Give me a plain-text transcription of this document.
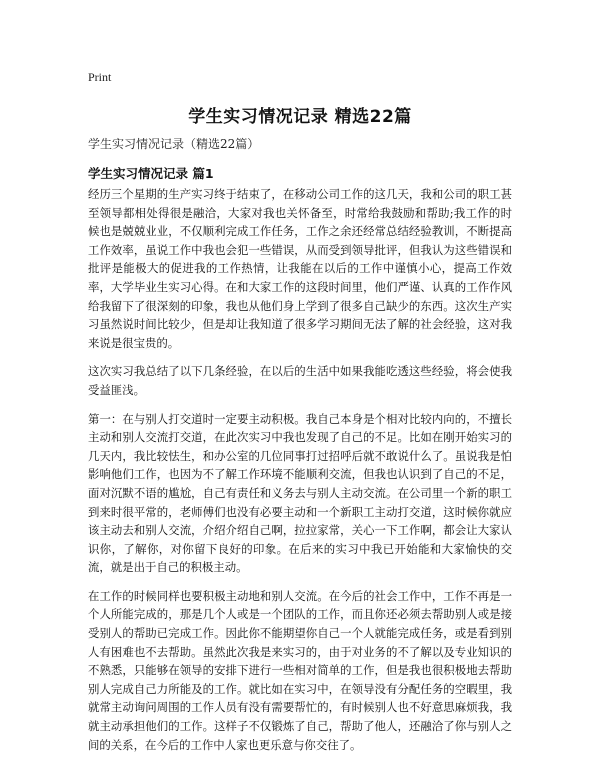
Print
学生实习情况记录 精选22篇
学生实习情况记录（精选22篇）
学生实习情况记录 篇1

经历三个星期的生产实习终于结束了，在移动公司工作的这几天，我和公司的职工甚至领导都相处得很是融洽，大家对我也关怀备至，时常给我鼓励和帮助;我工作的时候也是兢兢业业，不仅顺利完成工作任务，工作之余还经常总结经验教训，不断提高工作效率，虽说工作中我也会犯一些错误，从而受到领导批评，但我认为这些错误和批评是能极大的促进我的工作热情，让我能在以后的工作中谨慎小心，提高工作效率，大学毕业生实习心得。在和大家工作的这段时间里，他们严谨、认真的工作作风给我留下了很深刻的印象，我也从他们身上学到了很多自己缺少的东西。这次生产实习虽然说时间比较少，但是却让我知道了很多学习期间无法了解的社会经验，这对我来说是很宝贵的。

这次实习我总结了以下几条经验，在以后的生活中如果我能吃透这些经验，将会使我受益匪浅。

第一：在与别人打交道时一定要主动积极。我自己本身是个相对比较内向的，不擅长主动和别人交流打交道，在此次实习中我也发现了自己的不足。比如在刚开始实习的几天内，我比较怯生，和办公室的几位同事打过招呼后就不敢说什么了。虽说我是怕影响他们工作，也因为不了解工作环境不能顺利交流，但我也认识到了自己的不足，面对沉默不语的尴尬，自己有责任和义务去与别人主动交流。在公司里一个新的职工到来时很平常的，老师傅们也没有必要主动和一个新职工主动打交道，这时候你就应该主动去和别人交流，介绍介绍自己啊，拉拉家常，关心一下工作啊，都会让大家认识你，了解你，对你留下良好的印象。在后来的实习中我已开始能和大家愉快的交流，就是出于自己的积极主动。

在工作的时候同样也要积极主动地和别人交流。在今后的社会工作中，工作不再是一个人所能完成的，那是几个人或是一个团队的工作，而且你还必须去帮助别人或是接受别人的帮助已完成工作。因此你不能期望你自己一个人就能完成任务，或是看到别人有困难也不去帮助。虽然此次我是来实习的，由于对业务的不了解以及专业知识的不熟悉，只能够在领导的安排下进行一些相对简单的工作，但是我也很积极地去帮助别人完成自己力所能及的工作。就比如在实习中，在领导没有分配任务的空暇里，我就常主动询问周围的工作人员有没有需要帮忙的，有时候别人也不好意思麻烦我，我就主动承担他们的工作。这样子不仅锻炼了自己，帮助了他人，还融洽了你与别人之间的关系，在今后的工作中人家也更乐意与你交往了。
